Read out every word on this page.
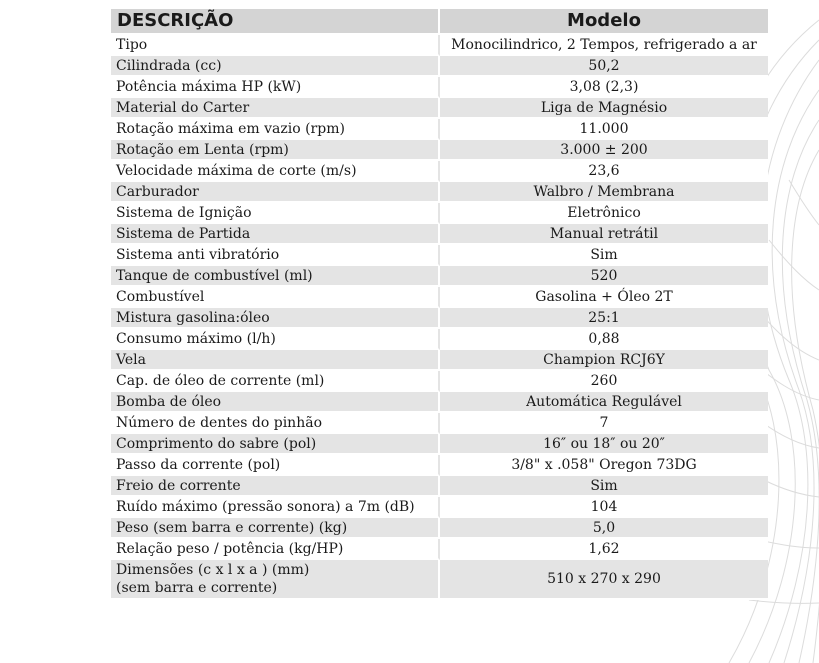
DESCRIÇÃO	Modelo
Tipo	Monocilindrico, 2 Tempos, refrigerado a ar
Cilindrada (cc)	50,2
Potência máxima HP (kW)	3,08 (2,3)
Material do Carter	Liga de Magnésio
Rotação máxima em vazio (rpm)	11.000
Rotação em Lenta (rpm)	3.000 ± 200
Velocidade máxima de corte (m/s)	23,6
Carburador	Walbro / Membrana
Sistema de Ignição	Eletrônico
Sistema de Partida	Manual retrátil
Sistema anti vibratório	Sim
Tanque de combustível (ml)	520
Combustível	Gasolina + Óleo 2T
Mistura gasolina:óleo	25:1
Consumo máximo (l/h)	0,88
Vela	Champion RCJ6Y
Cap. de óleo de corrente (ml)	260
Bomba de óleo	Automática Regulável
Número de dentes do pinhão	7
Comprimento do sabre (pol)	16″ ou 18″ ou 20″
Passo da corrente (pol)	3/8" x .058" Oregon 73DG
Freio de corrente	Sim
Ruído máximo (pressão sonora) a 7m (dB)	104
Peso (sem barra e corrente) (kg)	5,0
Relação peso / potência (kg/HP)	1,62

Dimensões (c x l x a ) (mm)
(sem barra e corrente)	510 x 270 x 290
